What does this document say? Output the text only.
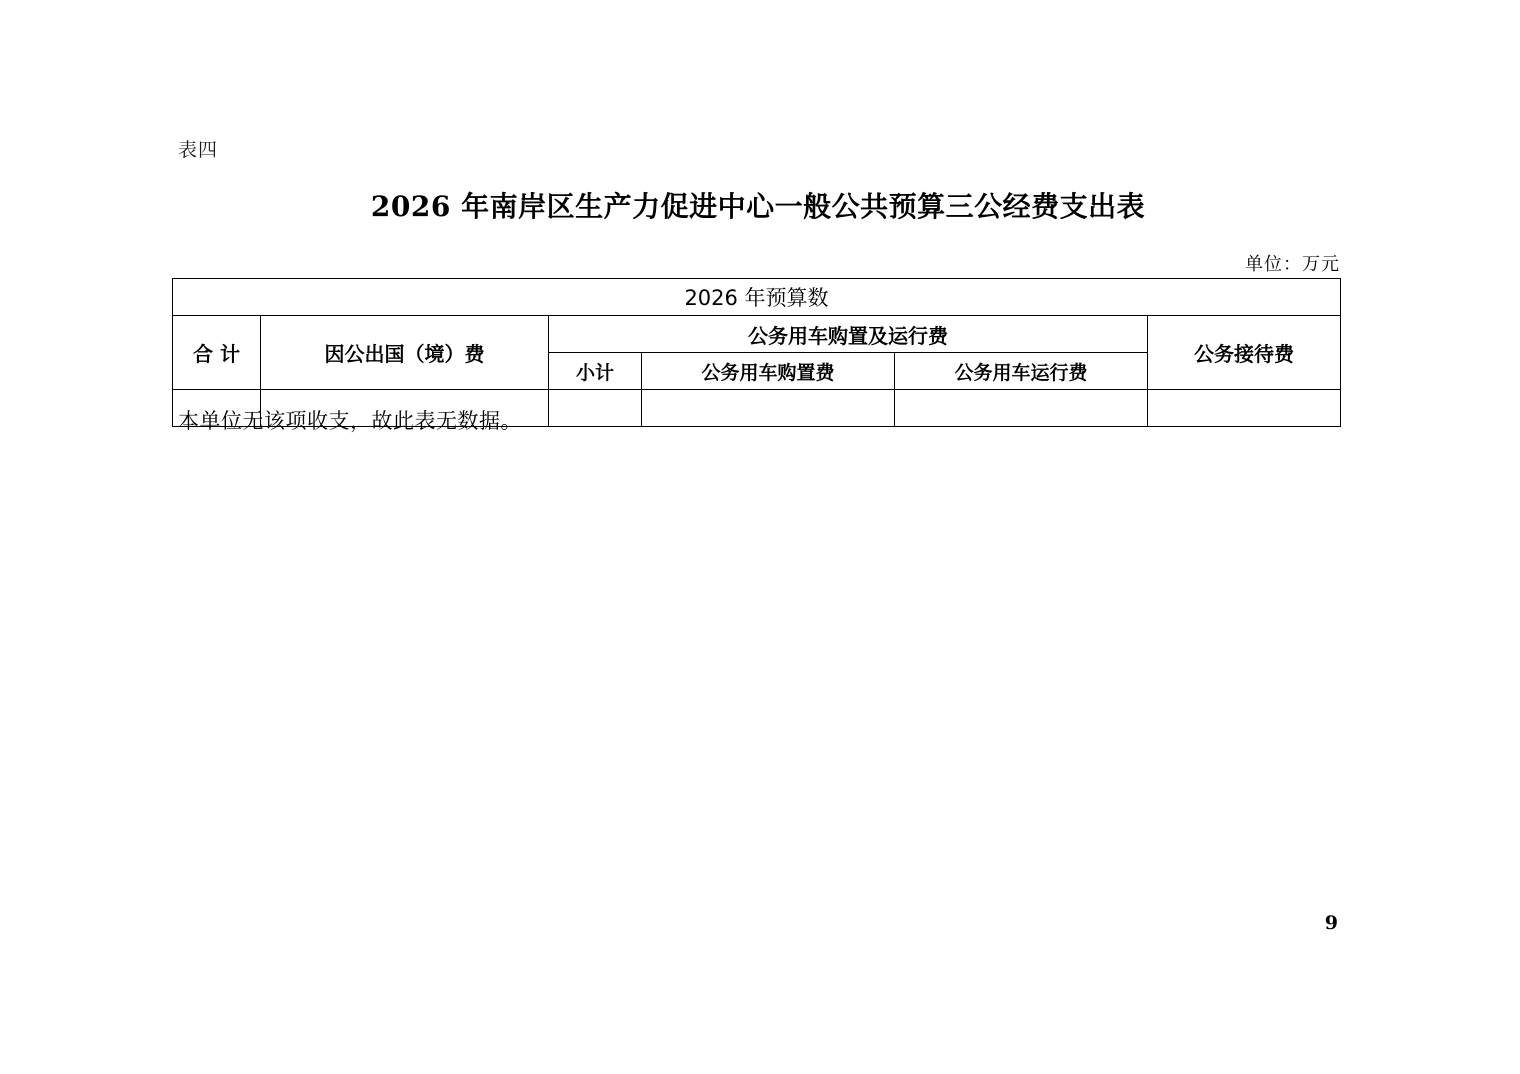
表四
2026 年南岸区生产力促进中心一般公共预算三公经费支出表
单位：万元
2026 年预算数					
合 计	因公出国（境）费	公务用车购置及运行费			公务接待费
		小计	公务用车购置费	公务用车运行费	

本单位无该项收支，故此表无数据。
9
